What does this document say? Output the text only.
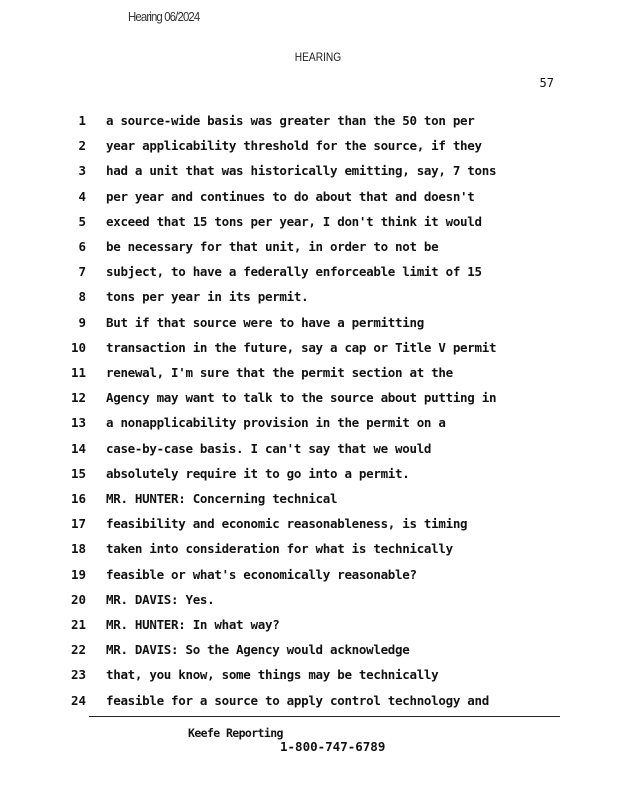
Hearing 06/2024
HEARING
57
1 a source-wide basis was greater than the 50 ton per
2 year applicability threshold for the source, if they
3 had a unit that was historically emitting, say, 7 tons
4 per year and continues to do about that and doesn't
5 exceed that 15 tons per year, I don't think it would
6 be necessary for that unit, in order to not be
7 subject, to have a federally enforceable limit of 15
8 tons per year in its permit.
9 But if that source were to have a permitting
10 transaction in the future, say a cap or Title V permit
11 renewal, I'm sure that the permit section at the
12 Agency may want to talk to the source about putting in
13 a nonapplicability provision in the permit on a
14 case-by-case basis. I can't say that we would
15 absolutely require it to go into a permit.
16 MR. HUNTER: Concerning technical
17 feasibility and economic reasonableness, is timing
18 taken into consideration for what is technically
19 feasible or what's economically reasonable?
20 MR. DAVIS: Yes.
21 MR. HUNTER: In what way?
22 MR. DAVIS: So the Agency would acknowledge
23 that, you know, some things may be technically
24 feasible for a source to apply control technology and
Keefe Reporting
1-800-747-6789
